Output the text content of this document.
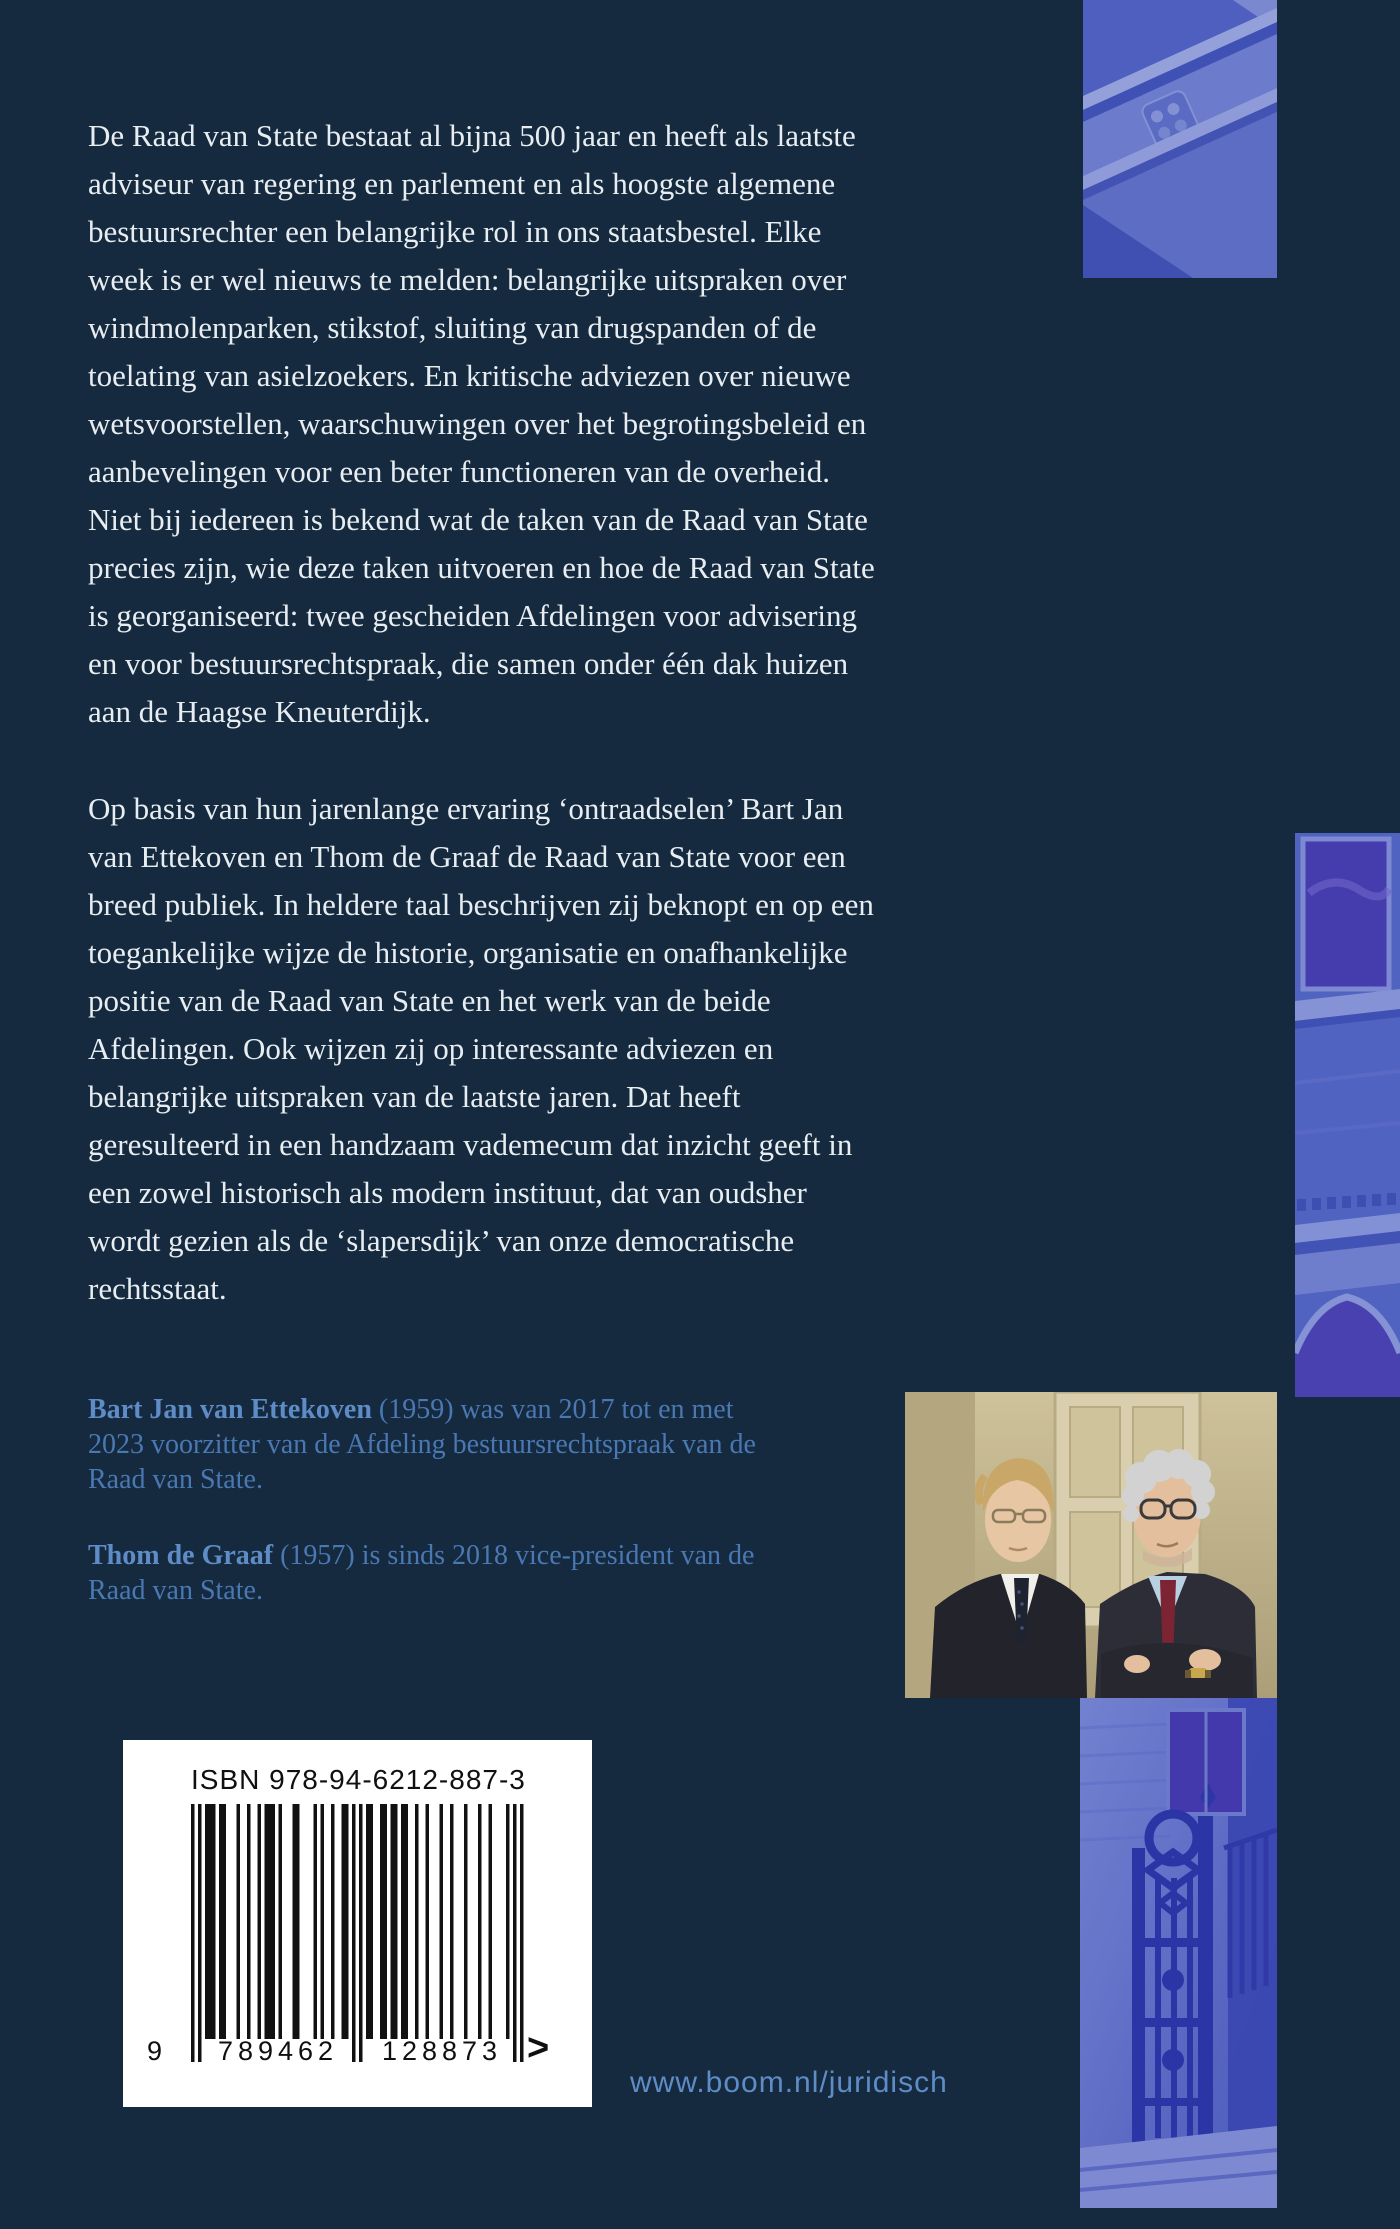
De Raad van State bestaat al bijna 500 jaar en heeft als laatste adviseur van regering en parlement en als hoogste algemene bestuursrechter een belangrijke rol in ons staatsbestel. Elke week is er wel nieuws te melden: belangrijke uitspraken over windmolenparken, stikstof, sluiting van drugspanden of de toelating van asielzoekers. En kritische adviezen over nieuwe wetsvoorstellen, waarschuwingen over het begrotingsbeleid en aanbevelingen voor een beter functioneren van de overheid. Niet bij iedereen is bekend wat de taken van de Raad van State precies zijn, wie deze taken uitvoeren en hoe de Raad van State is georganiseerd: twee gescheiden Afdelingen voor advisering en voor bestuursrechtspraak, die samen onder één dak huizen aan de Haagse Kneuterdijk.

Op basis van hun jarenlange ervaring ‘ontraadselen’ Bart Jan van Ettekoven en Thom de Graaf de Raad van State voor een breed publiek. In heldere taal beschrijven zij beknopt en op een toegankelijke wijze de historie, organisatie en onafhankelijke positie van de Raad van State en het werk van de beide Afdelingen. Ook wijzen zij op interessante adviezen en belangrijke uitspraken van de laatste jaren. Dat heeft geresulteerd in een handzaam vademecum dat inzicht geeft in een zowel historisch als modern instituut, dat van oudsher wordt gezien als de ‘slapersdijk’ van onze democratische rechtsstaat.

Bart Jan van Ettekoven (1959) was van 2017 tot en met 2023 voorzitter van de Afdeling bestuursrechtspraak van de Raad van State.

Thom de Graaf (1957) is sinds 2018 vice-president van de Raad van State.

ISBN 978-94-6212-887-3
9	789462	128873 >
www.boom.nl/juridisch
